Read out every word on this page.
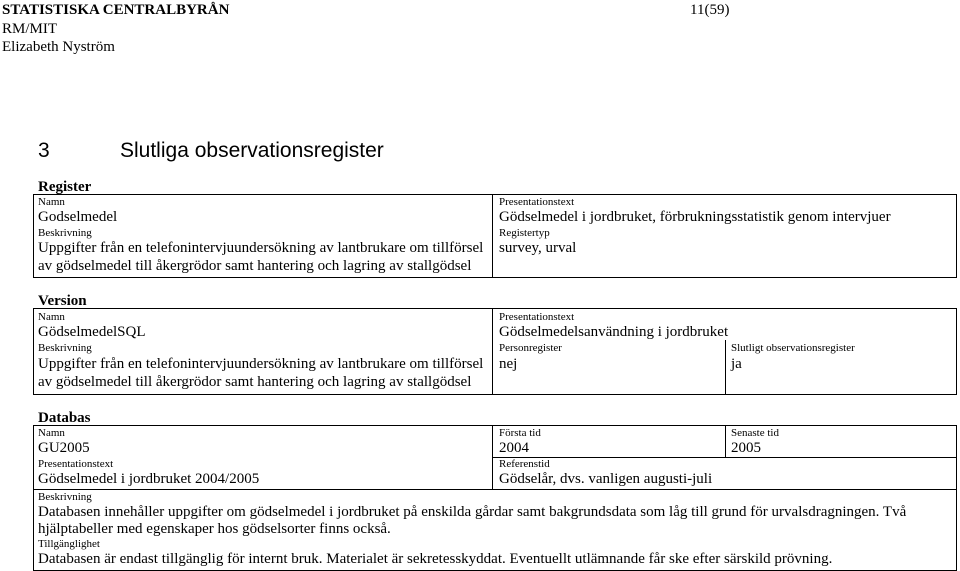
STATISTISKA CENTRALBYRÅN	11(59)
RM/MIT
Elizabeth Nyström
3	Slutliga observationsregister
Register
Namn
Godselmedel
Beskrivning
Uppgifter från en telefonintervjuundersökning av lantbrukare om tillförsel
av gödselmedel till åkergrödor samt hantering och lagring av stallgödsel
Presentationstext
Gödselmedel i jordbruket, förbrukningsstatistik genom intervjuer
Registertyp
survey, urval
Version
Namn
GödselmedelSQL
Beskrivning
Uppgifter från en telefonintervjuundersökning av lantbrukare om tillförsel
av gödselmedel till åkergrödor samt hantering och lagring av stallgödsel
Presentationstext
Gödselmedelsanvändning i jordbruket
Personregister
nej
Slutligt observationsregister
ja
Databas
Namn
GU2005
Presentationstext
Gödselmedel i jordbruket 2004/2005
Första tid
2004
Senaste tid
2005
Referenstid
Gödselår, dvs. vanligen augusti-juli
Beskrivning
Databasen innehåller uppgifter om gödselmedel i jordbruket på enskilda gårdar samt bakgrundsdata som låg till grund för urvalsdragningen. Två
hjälptabeller med egenskaper hos gödselsorter finns också.
Tillgänglighet
Databasen är endast tillgänglig för internt bruk. Materialet är sekretesskyddat. Eventuellt utlämnande får ske efter särskild prövning.
